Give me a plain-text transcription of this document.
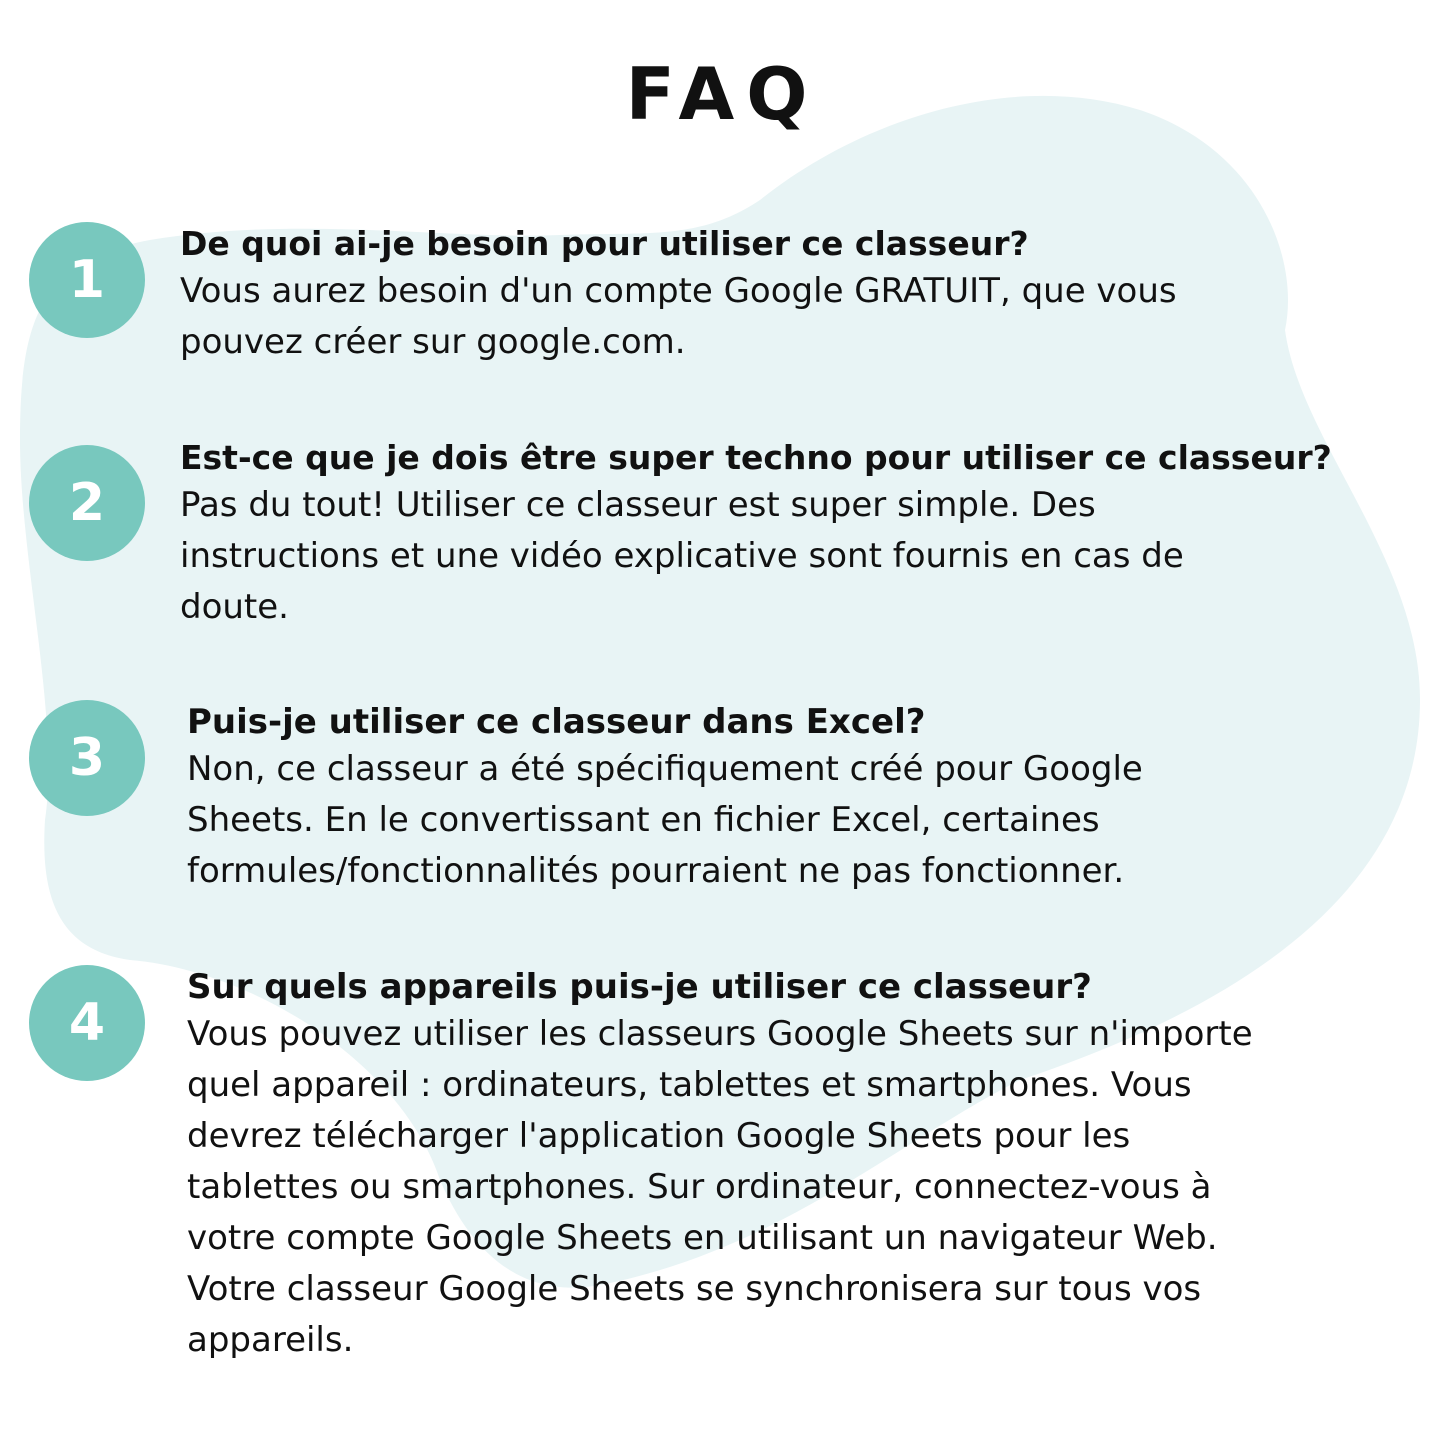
FAQ
1

De quoi ai-je besoin pour utiliser ce classeur?

Vous aurez besoin d'un compte Google GRATUIT, que vous
pouvez créer sur google.com.

2

Est-ce que je dois être super techno pour utiliser ce classeur?

Pas du tout! Utiliser ce classeur est super simple. Des
instructions et une vidéo explicative sont fournis en cas de
doute.

3

Puis-je utiliser ce classeur dans Excel?

Non, ce classeur a été spécifiquement créé pour Google
Sheets. En le convertissant en fichier Excel, certaines
formules/fonctionnalités pourraient ne pas fonctionner.

4

Sur quels appareils puis-je utiliser ce classeur?

Vous pouvez utiliser les classeurs Google Sheets sur n'importe
quel appareil : ordinateurs, tablettes et smartphones. Vous
devrez télécharger l'application Google Sheets pour les
tablettes ou smartphones. Sur ordinateur, connectez-vous à
votre compte Google Sheets en utilisant un navigateur Web.
Votre classeur Google Sheets se synchronisera sur tous vos
appareils.
